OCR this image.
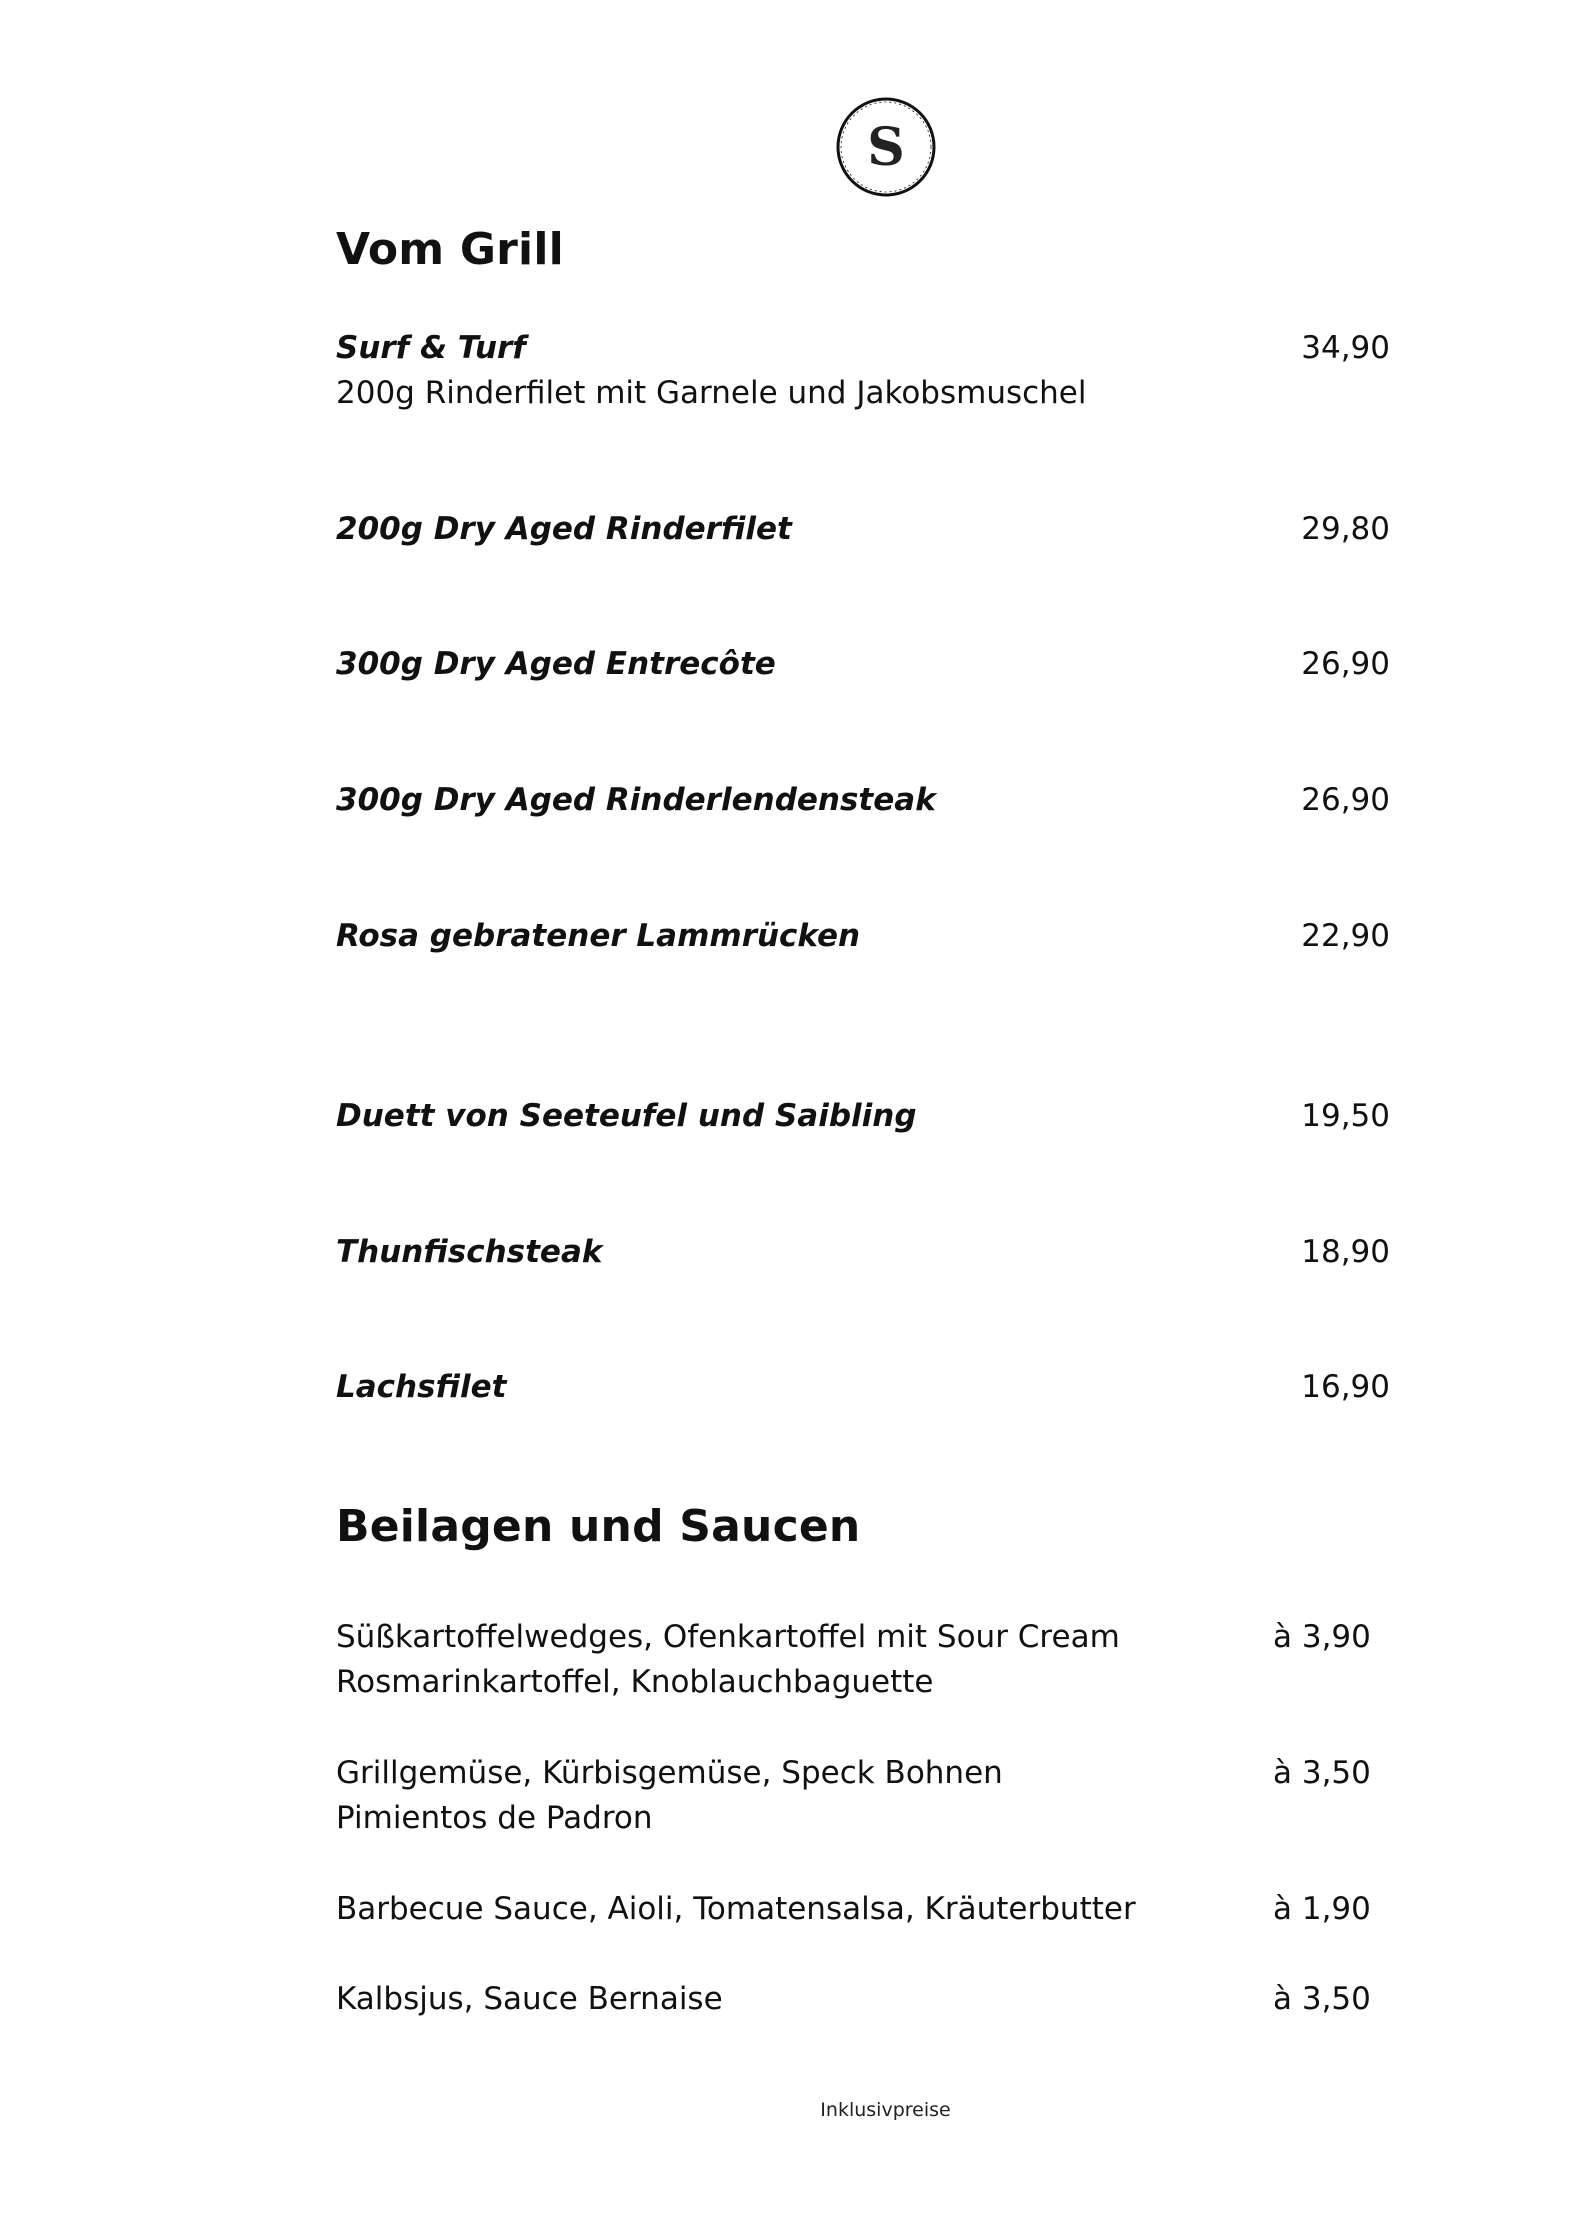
S
Vom Grill
Surf & Turf	34,90
200g Rinderfilet mit Garnele und Jakobsmuschel
200g Dry Aged Rinderfilet	29,80
300g Dry Aged Entrecôte	26,90
300g Dry Aged Rinderlendensteak	26,90
Rosa gebratener Lammrücken	22,90
Duett von Seeteufel und Saibling	19,50
Thunfischsteak	18,90
Lachsfilet	16,90
Beilagen und Saucen
Süßkartoffelwedges, Ofenkartoffel mit Sour Cream	à 3,90
Rosmarinkartoffel, Knoblauchbaguette
Grillgemüse, Kürbisgemüse, Speck Bohnen	à 3,50
Pimientos de Padron
Barbecue Sauce, Aioli, Tomatensalsa, Kräuterbutter	à 1,90
Kalbsjus, Sauce Bernaise	à 3,50
Inklusivpreise
